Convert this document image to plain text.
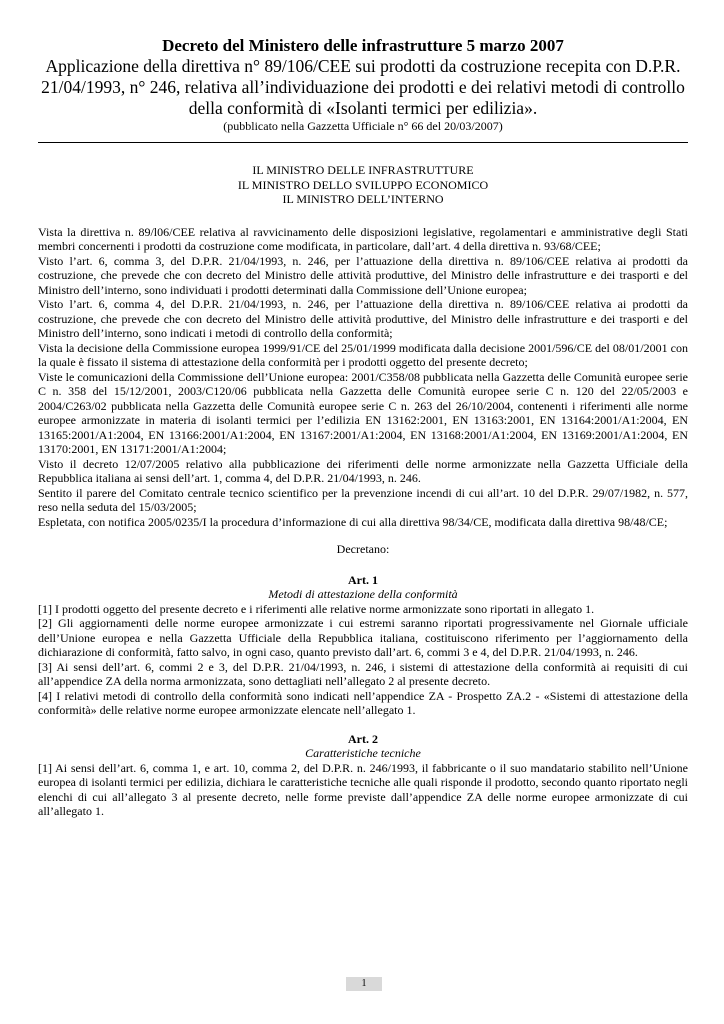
Decreto del Ministero delle infrastrutture 5 marzo 2007

Applicazione della direttiva n° 89/106/CEE sui prodotti da costruzione recepita con D.P.R. 21/04/1993, n° 246, relativa all’individuazione dei prodotti e dei relativi metodi di controllo della conformità di «Isolanti termici per edilizia».

(pubblicato nella Gazzetta Ufficiale n° 66 del 20/03/2007)

IL MINISTRO DELLE INFRASTRUTTURE
IL MINISTRO DELLO SVILUPPO ECONOMICO
IL MINISTRO DELL’INTERNO

Vista la direttiva n. 89/l06/CEE relativa al ravvicinamento delle disposizioni legislative, regolamentari e amministrative degli Stati membri concernenti i prodotti da costruzione come modificata, in particolare, dall’art. 4 della direttiva n. 93/68/CEE;

Visto l’art. 6, comma 3, del D.P.R. 21/04/1993, n. 246, per l’attuazione della direttiva n. 89/106/CEE relativa ai prodotti da costruzione, che prevede che con decreto del Ministro delle attività produttive, del Ministro delle infrastrutture e dei trasporti e del Ministro dell’interno, sono individuati i prodotti determinati dalla Commissione dell’Unione europea;

Visto l’art. 6, comma 4, del D.P.R. 21/04/1993, n. 246, per l’attuazione della direttiva n. 89/106/CEE relativa ai prodotti da costruzione, che prevede che con decreto del Ministro delle attività produttive, del Ministro delle infrastrutture e dei trasporti e del Ministro dell’interno, sono indicati i metodi di controllo della conformità;

Vista la decisione della Commissione europea 1999/91/CE del 25/01/1999 modificata dalla decisione 2001/596/CE del 08/01/2001 con la quale è fissato il sistema di attestazione della conformità per i prodotti oggetto del presente decreto;

Viste le comunicazioni della Commissione dell’Unione europea: 2001/C358/08 pubblicata nella Gazzetta delle Comunità europee serie C n. 358 del 15/12/2001, 2003/C120/06 pubblicata nella Gazzetta delle Comunità europee serie C n. 120 del 22/05/2003 e 2004/C263/02 pubblicata nella Gazzetta delle Comunità europee serie C n. 263 del 26/10/2004, contenenti i riferimenti alle norme europee armonizzate in materia di isolanti termici per l’edilizia EN 13162:2001, EN 13163:2001, EN 13164:2001/A1:2004, EN 13165:2001/A1:2004, EN 13166:2001/A1:2004, EN 13167:2001/A1:2004, EN 13168:2001/A1:2004, EN 13169:2001/A1:2004, EN 13170:2001, EN 13171:2001/A1:2004;

Visto il decreto 12/07/2005 relativo alla pubblicazione dei riferimenti delle norme armonizzate nella Gazzetta Ufficiale della Repubblica italiana ai sensi dell’art. 1, comma 4, del D.P.R. 21/04/1993, n. 246.

Sentito il parere del Comitato centrale tecnico scientifico per la prevenzione incendi di cui all’art. 10 del D.P.R. 29/07/1982, n. 577, reso nella seduta del 15/03/2005;

Espletata, con notifica 2005/0235/I la procedura d’informazione di cui alla direttiva 98/34/CE, modificata dalla direttiva 98/48/CE;

Decretano:

Art. 1

Metodi di attestazione della conformità

[1] I prodotti oggetto del presente decreto e i riferimenti alle relative norme armonizzate sono riportati in allegato 1.

[2] Gli aggiornamenti delle norme europee armonizzate i cui estremi saranno riportati progressivamente nel Giornale ufficiale dell’Unione europea e nella Gazzetta Ufficiale della Repubblica italiana, costituiscono riferimento per l’aggiornamento della dichiarazione di conformità, fatto salvo, in ogni caso, quanto previsto dall’art. 6, commi 3 e 4, del D.P.R. 21/04/1993, n. 246.

[3] Ai sensi dell’art. 6, commi 2 e 3, del D.P.R. 21/04/1993, n. 246, i sistemi di attestazione della conformità ai requisiti di cui all’appendice ZA della norma armonizzata, sono dettagliati nell’allegato 2 al presente decreto.

[4] I relativi metodi di controllo della conformità sono indicati nell’appendice ZA - Prospetto ZA.2 - «Sistemi di attestazione della conformità» delle relative norme europee armonizzate elencate nell’allegato 1.

Art. 2

Caratteristiche tecniche

[1] Ai sensi dell’art. 6, comma 1, e art. 10, comma 2, del D.P.R. n. 246/1993, il fabbricante o il suo mandatario stabilito nell’Unione europea di isolanti termici per edilizia, dichiara le caratteristiche tecniche alle quali risponde il prodotto, secondo quanto riportato negli elenchi di cui all’allegato 3 al presente decreto, nelle forme previste dall’appendice ZA delle norme europee armonizzate di cui all’allegato 1.

1
